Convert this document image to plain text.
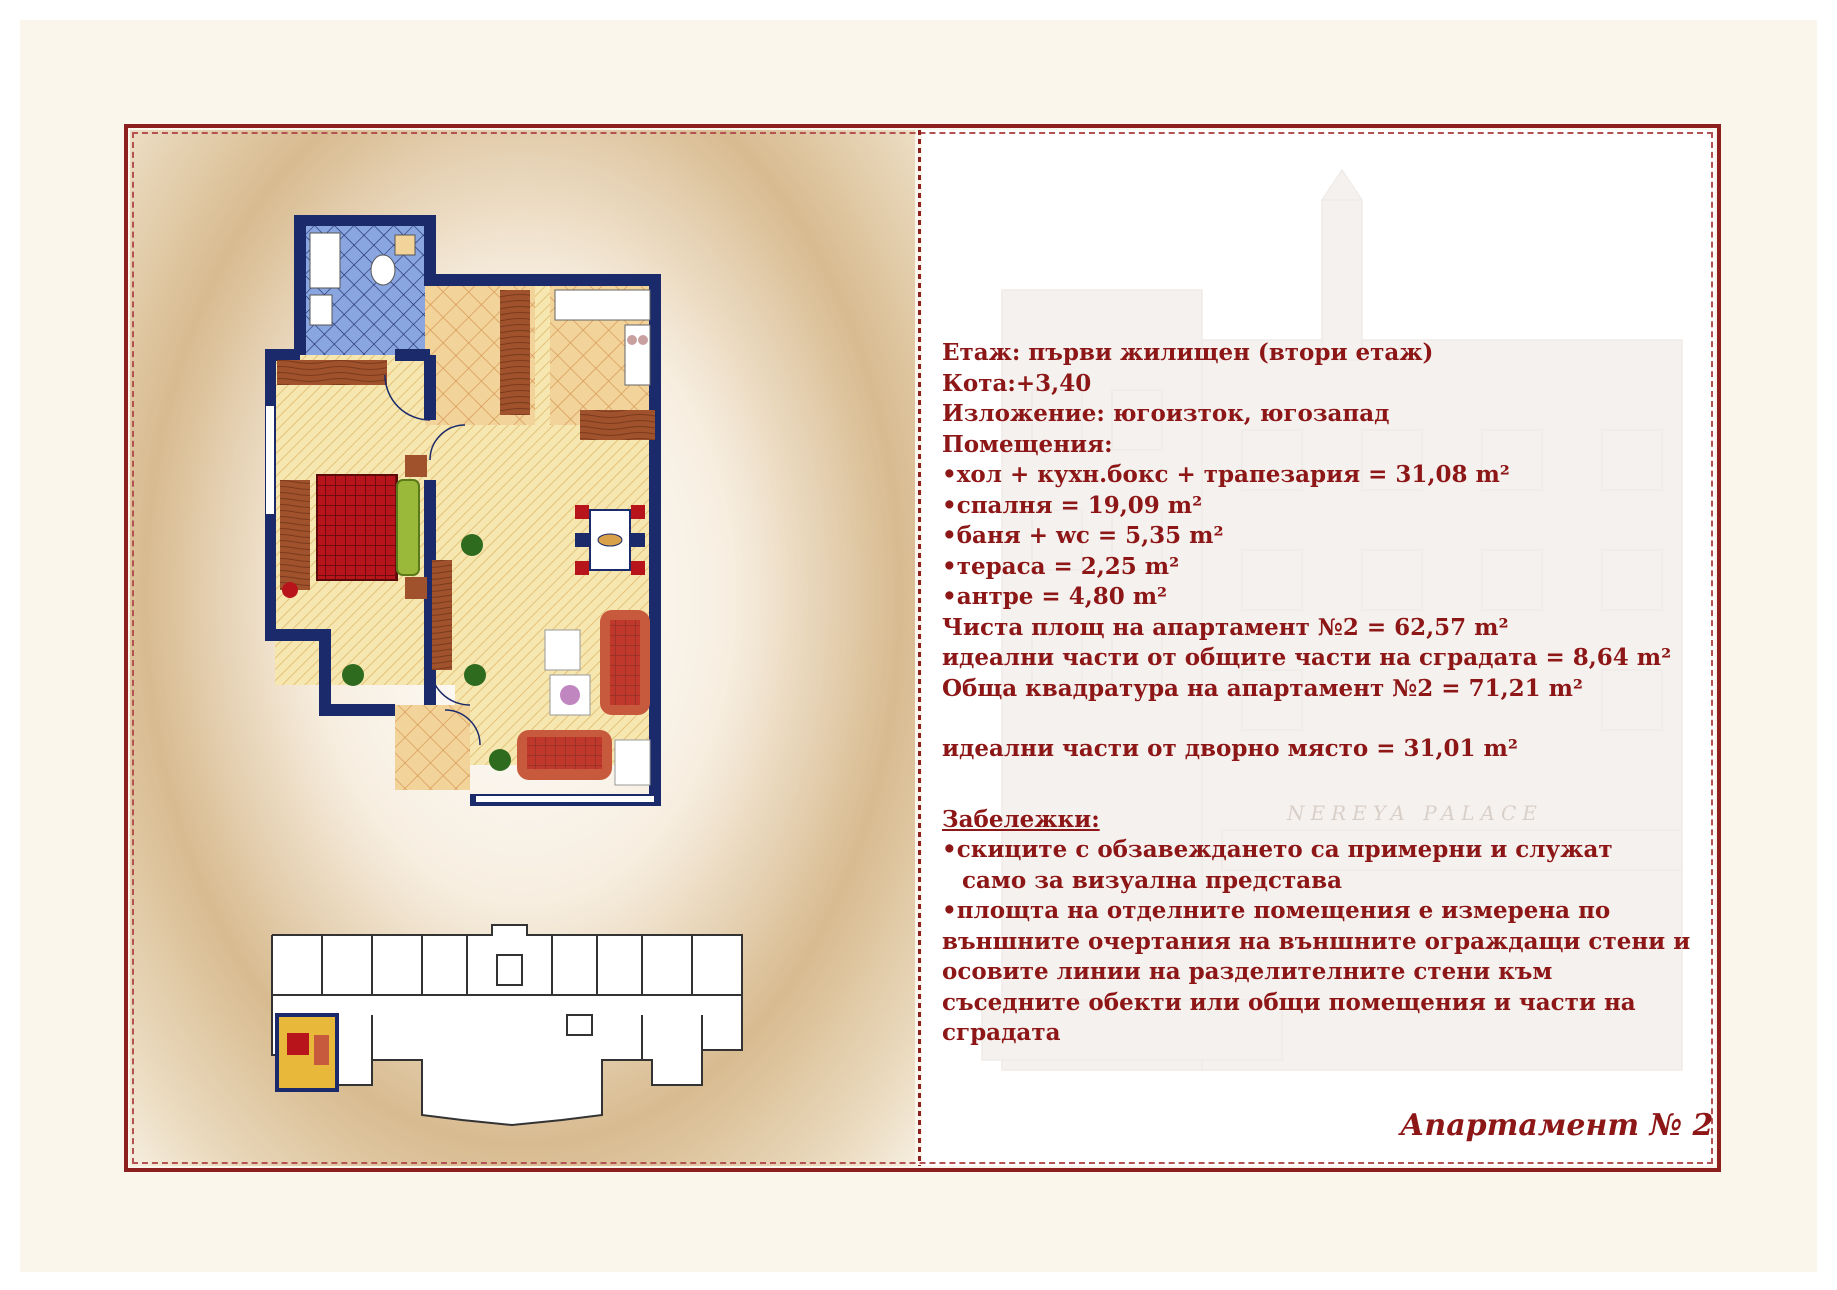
NEREYA PALACE
Етаж: първи жилищен (втори етаж)
Кота:+3,40
Изложение: югоизток, югозапад
Помещения:
• хол + кухн.бокс + трапезария = 31,08 m²
• спалня = 19,09 m²
• баня + wc = 5,35 m²
• тераса = 2,25 m²
• антре = 4,80 m²
Чиста площ на апартамент №2 = 62,57 m²
идеални части от общите части на сградата = 8,64 m²
Обща квадратура на апартамент №2 = 71,21 m²
идеални части от дворно място = 31,01 m²
Забележки:
• скиците с обзавеждането са примерни и служат
само за визуална представа
• площта на отделните помещения е измерена по
външните очертания на външните ограждащи стени и
осовите линии на разделителните стени към
съседните обекти или общи помещения и части на
сградата
Апартамент № 2
